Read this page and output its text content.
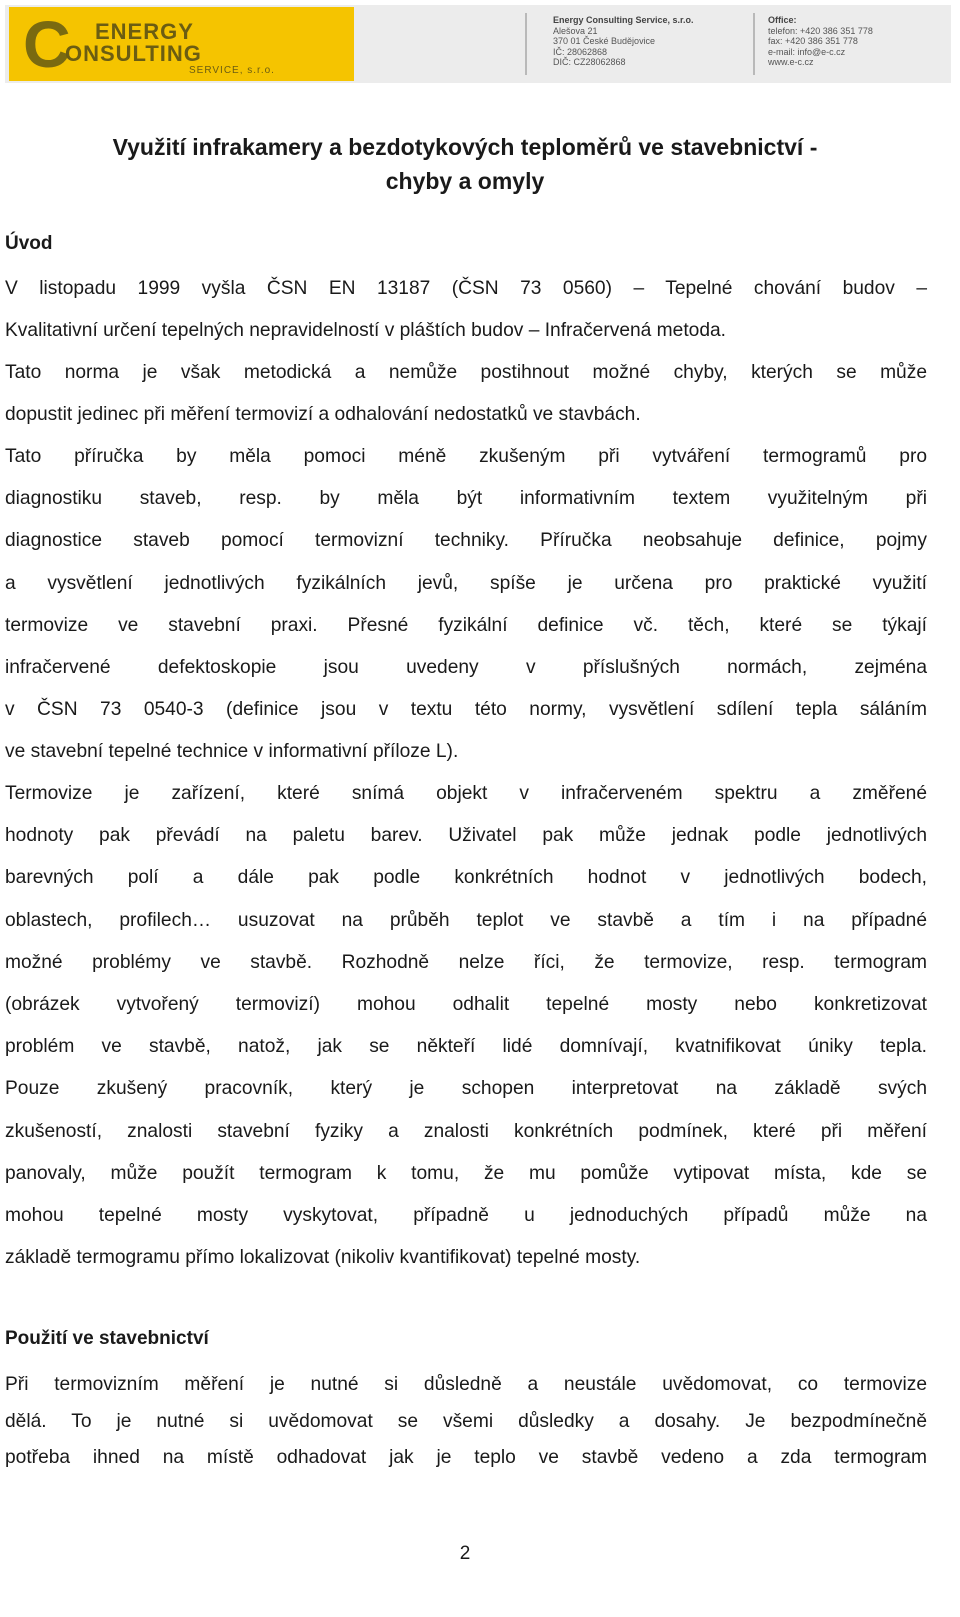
C ENERGY
ONSULTING
SERVICE, s.r.o.
Energy Consulting Service, s.r.o.
Alešova 21
370 01 České Budějovice
IČ: 28062868
DIČ: CZ28062868
Office:
telefon: +420 386 351 778
fax: +420 386 351 778
e-mail: info@e-c.cz
www.e-c.cz
Využití infrakamery a bezdotykových teploměrů ve stavebnictví -
chyby a omyly
Úvod

V listopadu 1999 vyšla ČSN EN 13187 (ČSN 73 0560) – Tepelné chování budov –
Kvalitativní určení tepelných nepravidelností v pláštích budov – Infračervená metoda.
Tato norma je však metodická a nemůže postihnout možné chyby, kterých se může
dopustit jedinec při měření termovizí a odhalování nedostatků ve stavbách.

Tato příručka by měla pomoci méně zkušeným při vytváření termogramů pro
diagnostiku staveb, resp. by měla být informativním textem využitelným při
diagnostice staveb pomocí termovizní techniky. Příručka neobsahuje definice, pojmy
a vysvětlení jednotlivých fyzikálních jevů, spíše je určena pro praktické využití
termovize ve stavební praxi. Přesné fyzikální definice vč. těch, které se týkají
infračervené defektoskopie jsou uvedeny v příslušných normách, zejména
v ČSN 73 0540-3 (definice jsou v textu této normy, vysvětlení sdílení tepla sáláním
ve stavební tepelné technice v informativní příloze L).

Termovize je zařízení, které snímá objekt v infračerveném spektru a změřené
hodnoty pak převádí na paletu barev. Uživatel pak může jednak podle jednotlivých
barevných polí a dále pak podle konkrétních hodnot v jednotlivých bodech,
oblastech, profilech… usuzovat na průběh teplot ve stavbě a tím i na případné
možné problémy ve stavbě. Rozhodně nelze říci, že termovize, resp. termogram
(obrázek vytvořený termovizí) mohou odhalit tepelné mosty nebo konkretizovat
problém ve stavbě, natož, jak se někteří lidé domnívají, kvatnifikovat úniky tepla.
Pouze zkušený pracovník, který je schopen interpretovat na základě svých
zkušeností, znalosti stavební fyziky a znalosti konkrétních podmínek, které při měření
panovaly, může použít termogram k tomu, že mu pomůže vytipovat místa, kde se
mohou tepelné mosty vyskytovat, případně u jednoduchých případů může na
základě termogramu přímo lokalizovat (nikoliv kvantifikovat) tepelné mosty.

Použití ve stavebnictví

Při termovizním měření je nutné si důsledně a neustále uvědomovat, co termovize
dělá. To je nutné si uvědomovat se všemi důsledky a dosahy. Je bezpodmínečně
potřeba ihned na místě odhadovat jak je teplo ve stavbě vedeno a zda termogram

2
